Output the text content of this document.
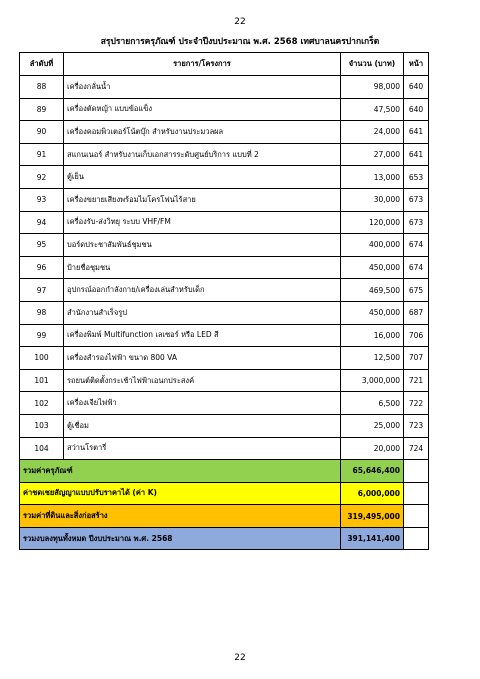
22
สรุปรายการครุภัณฑ์ ประจำปีงบประมาณ พ.ศ. 2568 เทศบาลนครปากเกร็ด
ลำดับที่	รายการ/โครงการ	จำนวน (บาท)	หน้า
88	เครื่องกลั่นน้ำ	98,000	640
89	เครื่องตัดหญ้า แบบข้อแข็ง	47,500	640
90	เครื่องคอมพิวเตอร์โน้ตบุ๊ก สำหรับงานประมวลผล	24,000	641
91	สแกนเนอร์ สำหรับงานเก็บเอกสารระดับศูนย์บริการ แบบที่ 2	27,000	641
92	ตู้เย็น	13,000	653
93	เครื่องขยายเสียงพร้อมไมโครโฟนไร้สาย	30,000	673
94	เครื่องรับ-ส่งวิทยุ ระบบ VHF/FM	120,000	673
95	บอร์ดประชาสัมพันธ์ชุมชน	400,000	674
96	ป้ายชื่อชุมชน	450,000	674
97	อุปกรณ์ออกกำลังกาย/เครื่องเล่นสำหรับเด็ก	469,500	675
98	สำนักงานสำเร็จรูป	450,000	687
99	เครื่องพิมพ์ Multifunction เลเซอร์ หรือ LED สี	16,000	706
100	เครื่องสำรองไฟฟ้า ขนาด 800 VA	12,500	707
101	รถยนต์ติดตั้งกระเช้าไฟฟ้าเอนกประสงค์	3,000,000	721
102	เครื่องเจียไฟฟ้า	6,500	722
103	ตู้เชื่อม	25,000	723
104	สว่านโรตารี่	20,000	724
รวมค่าครุภัณฑ์		65,646,400	
ค่าชดเชยสัญญาแบบปรับราคาได้ (ค่า K)		6,000,000	
รวมค่าที่ดินและสิ่งก่อสร้าง		319,495,000	
รวมงบลงทุนทั้งหมด ปีงบประมาณ พ.ศ. 2568		391,141,400	
22
